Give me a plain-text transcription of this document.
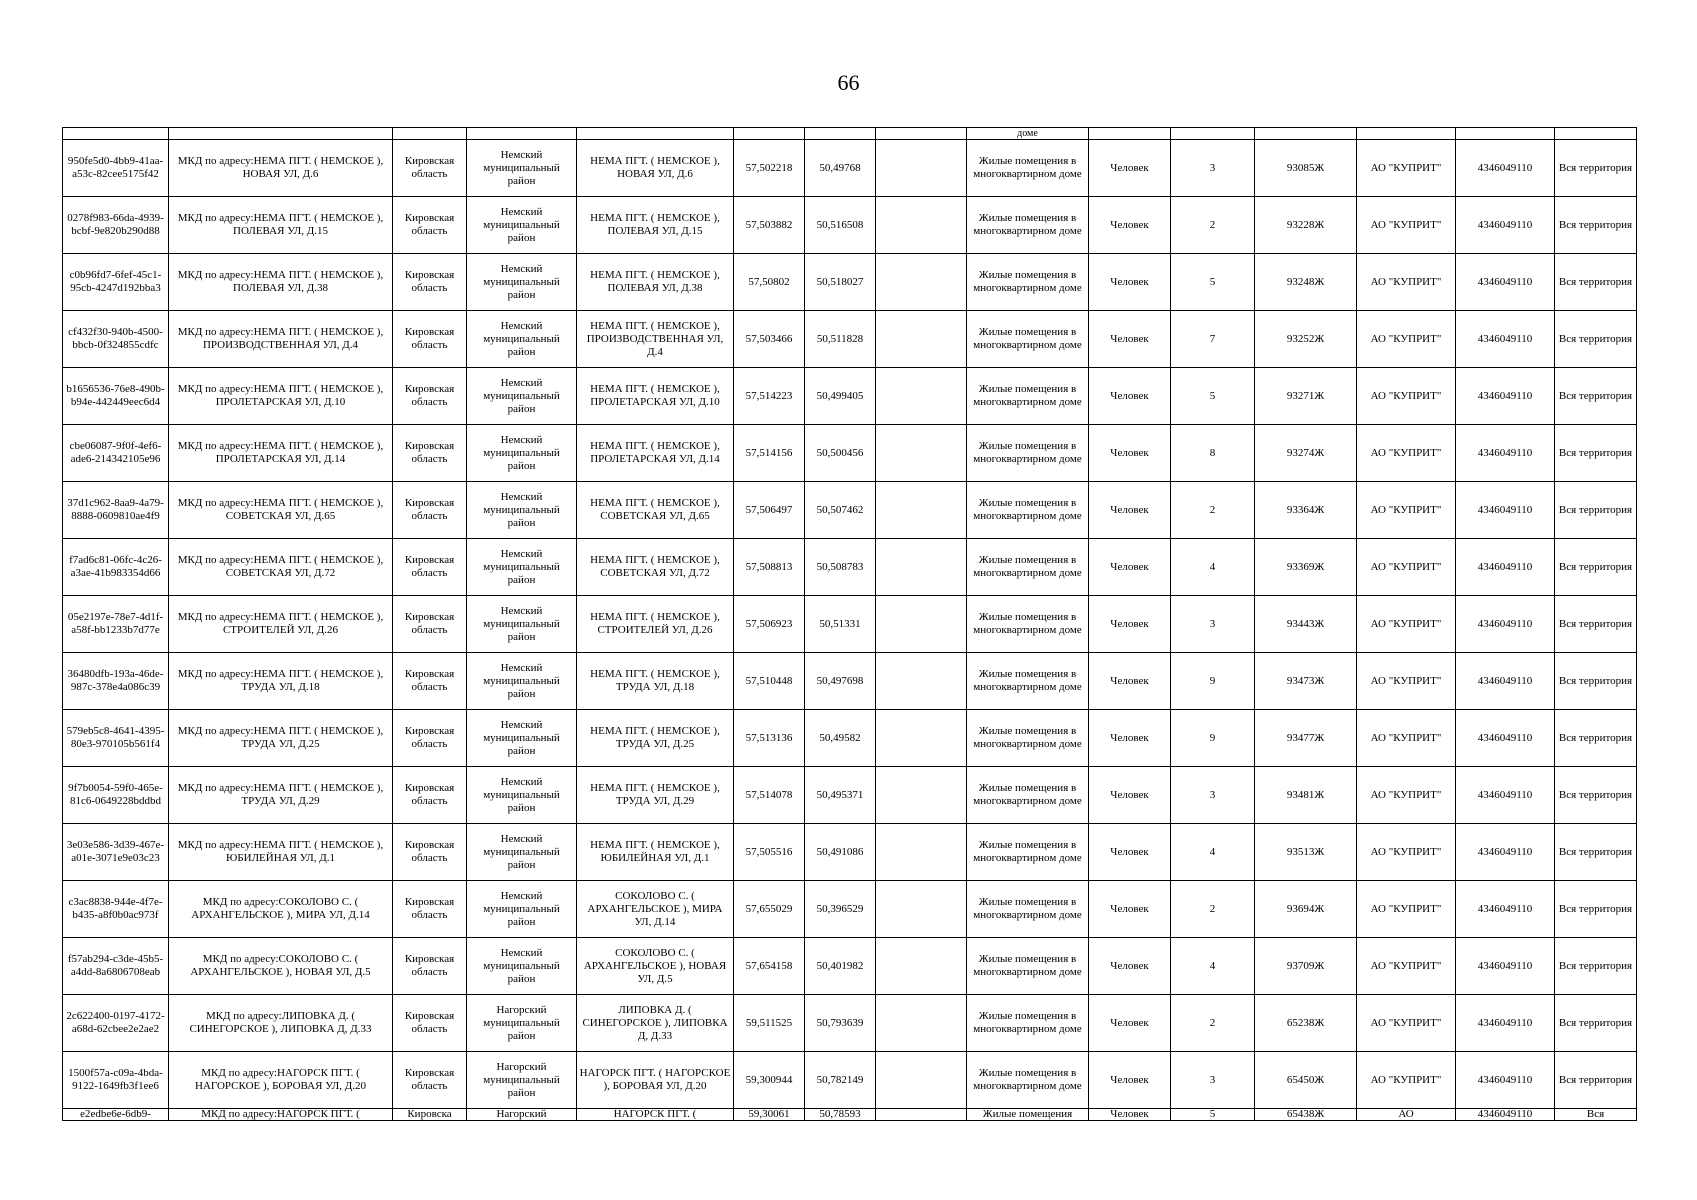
66
								доме						
950fe5d0-4bb9-41aa-a53c-82cee5175f42	МКД по адресу:НЕМА ПГТ. ( НЕМСКОЕ ), НОВАЯ УЛ, Д.6	Кировская область	Немский муниципальный район	НЕМА ПГТ. ( НЕМСКОЕ ), НОВАЯ УЛ, Д.6	57,502218	50,49768		Жилые помещения в многоквартирном доме	Человек	3	93085Ж	АО "КУПРИТ"	4346049110	Вся территория
0278f983-66da-4939-bcbf-9e820b290d88	МКД по адресу:НЕМА ПГТ. ( НЕМСКОЕ ), ПОЛЕВАЯ УЛ, Д.15	Кировская область	Немский муниципальный район	НЕМА ПГТ. ( НЕМСКОЕ ), ПОЛЕВАЯ УЛ, Д.15	57,503882	50,516508		Жилые помещения в многоквартирном доме	Человек	2	93228Ж	АО "КУПРИТ"	4346049110	Вся территория
c0b96fd7-6fef-45c1-95cb-4247d192bba3	МКД по адресу:НЕМА ПГТ. ( НЕМСКОЕ ), ПОЛЕВАЯ УЛ, Д.38	Кировская область	Немский муниципальный район	НЕМА ПГТ. ( НЕМСКОЕ ), ПОЛЕВАЯ УЛ, Д.38	57,50802	50,518027		Жилые помещения в многоквартирном доме	Человек	5	93248Ж	АО "КУПРИТ"	4346049110	Вся территория
cf432f30-940b-4500-bbcb-0f324855cdfc	МКД по адресу:НЕМА ПГТ. ( НЕМСКОЕ ), ПРОИЗВОДСТВЕННАЯ УЛ, Д.4	Кировская область	Немский муниципальный район	НЕМА ПГТ. ( НЕМСКОЕ ), ПРОИЗВОДСТВЕННАЯ УЛ, Д.4	57,503466	50,511828		Жилые помещения в многоквартирном доме	Человек	7	93252Ж	АО "КУПРИТ"	4346049110	Вся территория
b1656536-76e8-490b-b94e-442449eec6d4	МКД по адресу:НЕМА ПГТ. ( НЕМСКОЕ ), ПРОЛЕТАРСКАЯ УЛ, Д.10	Кировская область	Немский муниципальный район	НЕМА ПГТ. ( НЕМСКОЕ ), ПРОЛЕТАРСКАЯ УЛ, Д.10	57,514223	50,499405		Жилые помещения в многоквартирном доме	Человек	5	93271Ж	АО "КУПРИТ"	4346049110	Вся территория
cbe06087-9f0f-4ef6-ade6-214342105e96	МКД по адресу:НЕМА ПГТ. ( НЕМСКОЕ ), ПРОЛЕТАРСКАЯ УЛ, Д.14	Кировская область	Немский муниципальный район	НЕМА ПГТ. ( НЕМСКОЕ ), ПРОЛЕТАРСКАЯ УЛ, Д.14	57,514156	50,500456		Жилые помещения в многоквартирном доме	Человек	8	93274Ж	АО "КУПРИТ"	4346049110	Вся территория
37d1c962-8aa9-4a79-8888-0609810ae4f9	МКД по адресу:НЕМА ПГТ. ( НЕМСКОЕ ), СОВЕТСКАЯ УЛ, Д.65	Кировская область	Немский муниципальный район	НЕМА ПГТ. ( НЕМСКОЕ ), СОВЕТСКАЯ УЛ, Д.65	57,506497	50,507462		Жилые помещения в многоквартирном доме	Человек	2	93364Ж	АО "КУПРИТ"	4346049110	Вся территория
f7ad6c81-06fc-4c26-a3ae-41b983354d66	МКД по адресу:НЕМА ПГТ. ( НЕМСКОЕ ), СОВЕТСКАЯ УЛ, Д.72	Кировская область	Немский муниципальный район	НЕМА ПГТ. ( НЕМСКОЕ ), СОВЕТСКАЯ УЛ, Д.72	57,508813	50,508783		Жилые помещения в многоквартирном доме	Человек	4	93369Ж	АО "КУПРИТ"	4346049110	Вся территория
05e2197e-78e7-4d1f-a58f-bb1233b7d77e	МКД по адресу:НЕМА ПГТ. ( НЕМСКОЕ ), СТРОИТЕЛЕЙ УЛ, Д.26	Кировская область	Немский муниципальный район	НЕМА ПГТ. ( НЕМСКОЕ ), СТРОИТЕЛЕЙ УЛ, Д.26	57,506923	50,51331		Жилые помещения в многоквартирном доме	Человек	3	93443Ж	АО "КУПРИТ"	4346049110	Вся территория
36480dfb-193a-46de-987c-378e4a086c39	МКД по адресу:НЕМА ПГТ. ( НЕМСКОЕ ), ТРУДА УЛ, Д.18	Кировская область	Немский муниципальный район	НЕМА ПГТ. ( НЕМСКОЕ ), ТРУДА УЛ, Д.18	57,510448	50,497698		Жилые помещения в многоквартирном доме	Человек	9	93473Ж	АО "КУПРИТ"	4346049110	Вся территория
579eb5c8-4641-4395-80e3-970105b561f4	МКД по адресу:НЕМА ПГТ. ( НЕМСКОЕ ), ТРУДА УЛ, Д.25	Кировская область	Немский муниципальный район	НЕМА ПГТ. ( НЕМСКОЕ ), ТРУДА УЛ, Д.25	57,513136	50,49582		Жилые помещения в многоквартирном доме	Человек	9	93477Ж	АО "КУПРИТ"	4346049110	Вся территория
9f7b0054-59f0-465e-81c6-0649228bddbd	МКД по адресу:НЕМА ПГТ. ( НЕМСКОЕ ), ТРУДА УЛ, Д.29	Кировская область	Немский муниципальный район	НЕМА ПГТ. ( НЕМСКОЕ ), ТРУДА УЛ, Д.29	57,514078	50,495371		Жилые помещения в многоквартирном доме	Человек	3	93481Ж	АО "КУПРИТ"	4346049110	Вся территория
3e03e586-3d39-467e-a01e-3071e9e03c23	МКД по адресу:НЕМА ПГТ. ( НЕМСКОЕ ), ЮБИЛЕЙНАЯ УЛ, Д.1	Кировская область	Немский муниципальный район	НЕМА ПГТ. ( НЕМСКОЕ ), ЮБИЛЕЙНАЯ УЛ, Д.1	57,505516	50,491086		Жилые помещения в многоквартирном доме	Человек	4	93513Ж	АО "КУПРИТ"	4346049110	Вся территория
c3ac8838-944e-4f7e-b435-a8f0b0ac973f	МКД по адресу:СОКОЛОВО С. ( АРХАНГЕЛЬСКОЕ ), МИРА УЛ, Д.14	Кировская область	Немский муниципальный район	СОКОЛОВО С. ( АРХАНГЕЛЬСКОЕ ), МИРА УЛ, Д.14	57,655029	50,396529		Жилые помещения в многоквартирном доме	Человек	2	93694Ж	АО "КУПРИТ"	4346049110	Вся территория
f57ab294-c3de-45b5-a4dd-8a6806708eab	МКД по адресу:СОКОЛОВО С. ( АРХАНГЕЛЬСКОЕ ), НОВАЯ УЛ, Д.5	Кировская область	Немский муниципальный район	СОКОЛОВО С. ( АРХАНГЕЛЬСКОЕ ), НОВАЯ УЛ, Д.5	57,654158	50,401982		Жилые помещения в многоквартирном доме	Человек	4	93709Ж	АО "КУПРИТ"	4346049110	Вся территория
2c622400-0197-4172-a68d-62cbee2e2ae2	МКД по адресу:ЛИПОВКА Д. ( СИНЕГОРСКОЕ ), ЛИПОВКА Д, Д.33	Кировская область	Нагорский муниципальный район	ЛИПОВКА Д. ( СИНЕГОРСКОЕ ), ЛИПОВКА Д, Д.33	59,511525	50,793639		Жилые помещения в многоквартирном доме	Человек	2	65238Ж	АО "КУПРИТ"	4346049110	Вся территория
1500f57a-c09a-4bda-9122-1649fb3f1ee6	МКД по адресу:НАГОРСК ПГТ. ( НАГОРСКОЕ ), БОРОВАЯ УЛ, Д.20	Кировская область	Нагорский муниципальный район	НАГОРСК ПГТ. ( НАГОРСКОЕ ), БОРОВАЯ УЛ, Д.20	59,300944	50,782149		Жилые помещения в многоквартирном доме	Человек	3	65450Ж	АО "КУПРИТ"	4346049110	Вся территория
e2edbe6e-6db9-	МКД по адресу:НАГОРСК ПГТ. (	Кировска	Нагорский	НАГОРСК ПГТ. (	59,30061	50,78593		Жилые помещения	Человек	5	65438Ж	АО	4346049110	Вся
